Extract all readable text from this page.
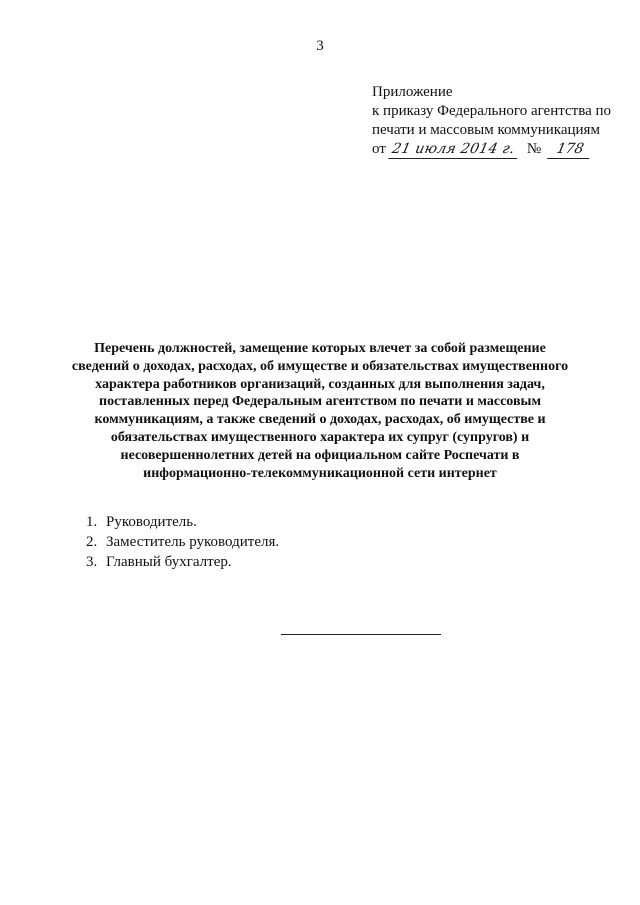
3
Приложение
к приказу Федерального агентства по
печати и массовым коммуникациям
от 21 июля 2014 г. №	178
Перечень должностей, замещение которых влечет за собой размещение сведений о доходах, расходах, об имуществе и обязательствах имущественного характера работников организаций, созданных для выполнения задач, поставленных перед Федеральным агентством по печати и массовым коммуникациям, а также сведений о доходах, расходах, об имуществе и обязательствах имущественного характера их супруг (супругов) и несовершеннолетних детей на официальном сайте Роспечати в информационно-телекоммуникационной сети интернет
1. Руководитель.
2. Заместитель руководителя.
3. Главный бухгалтер.
